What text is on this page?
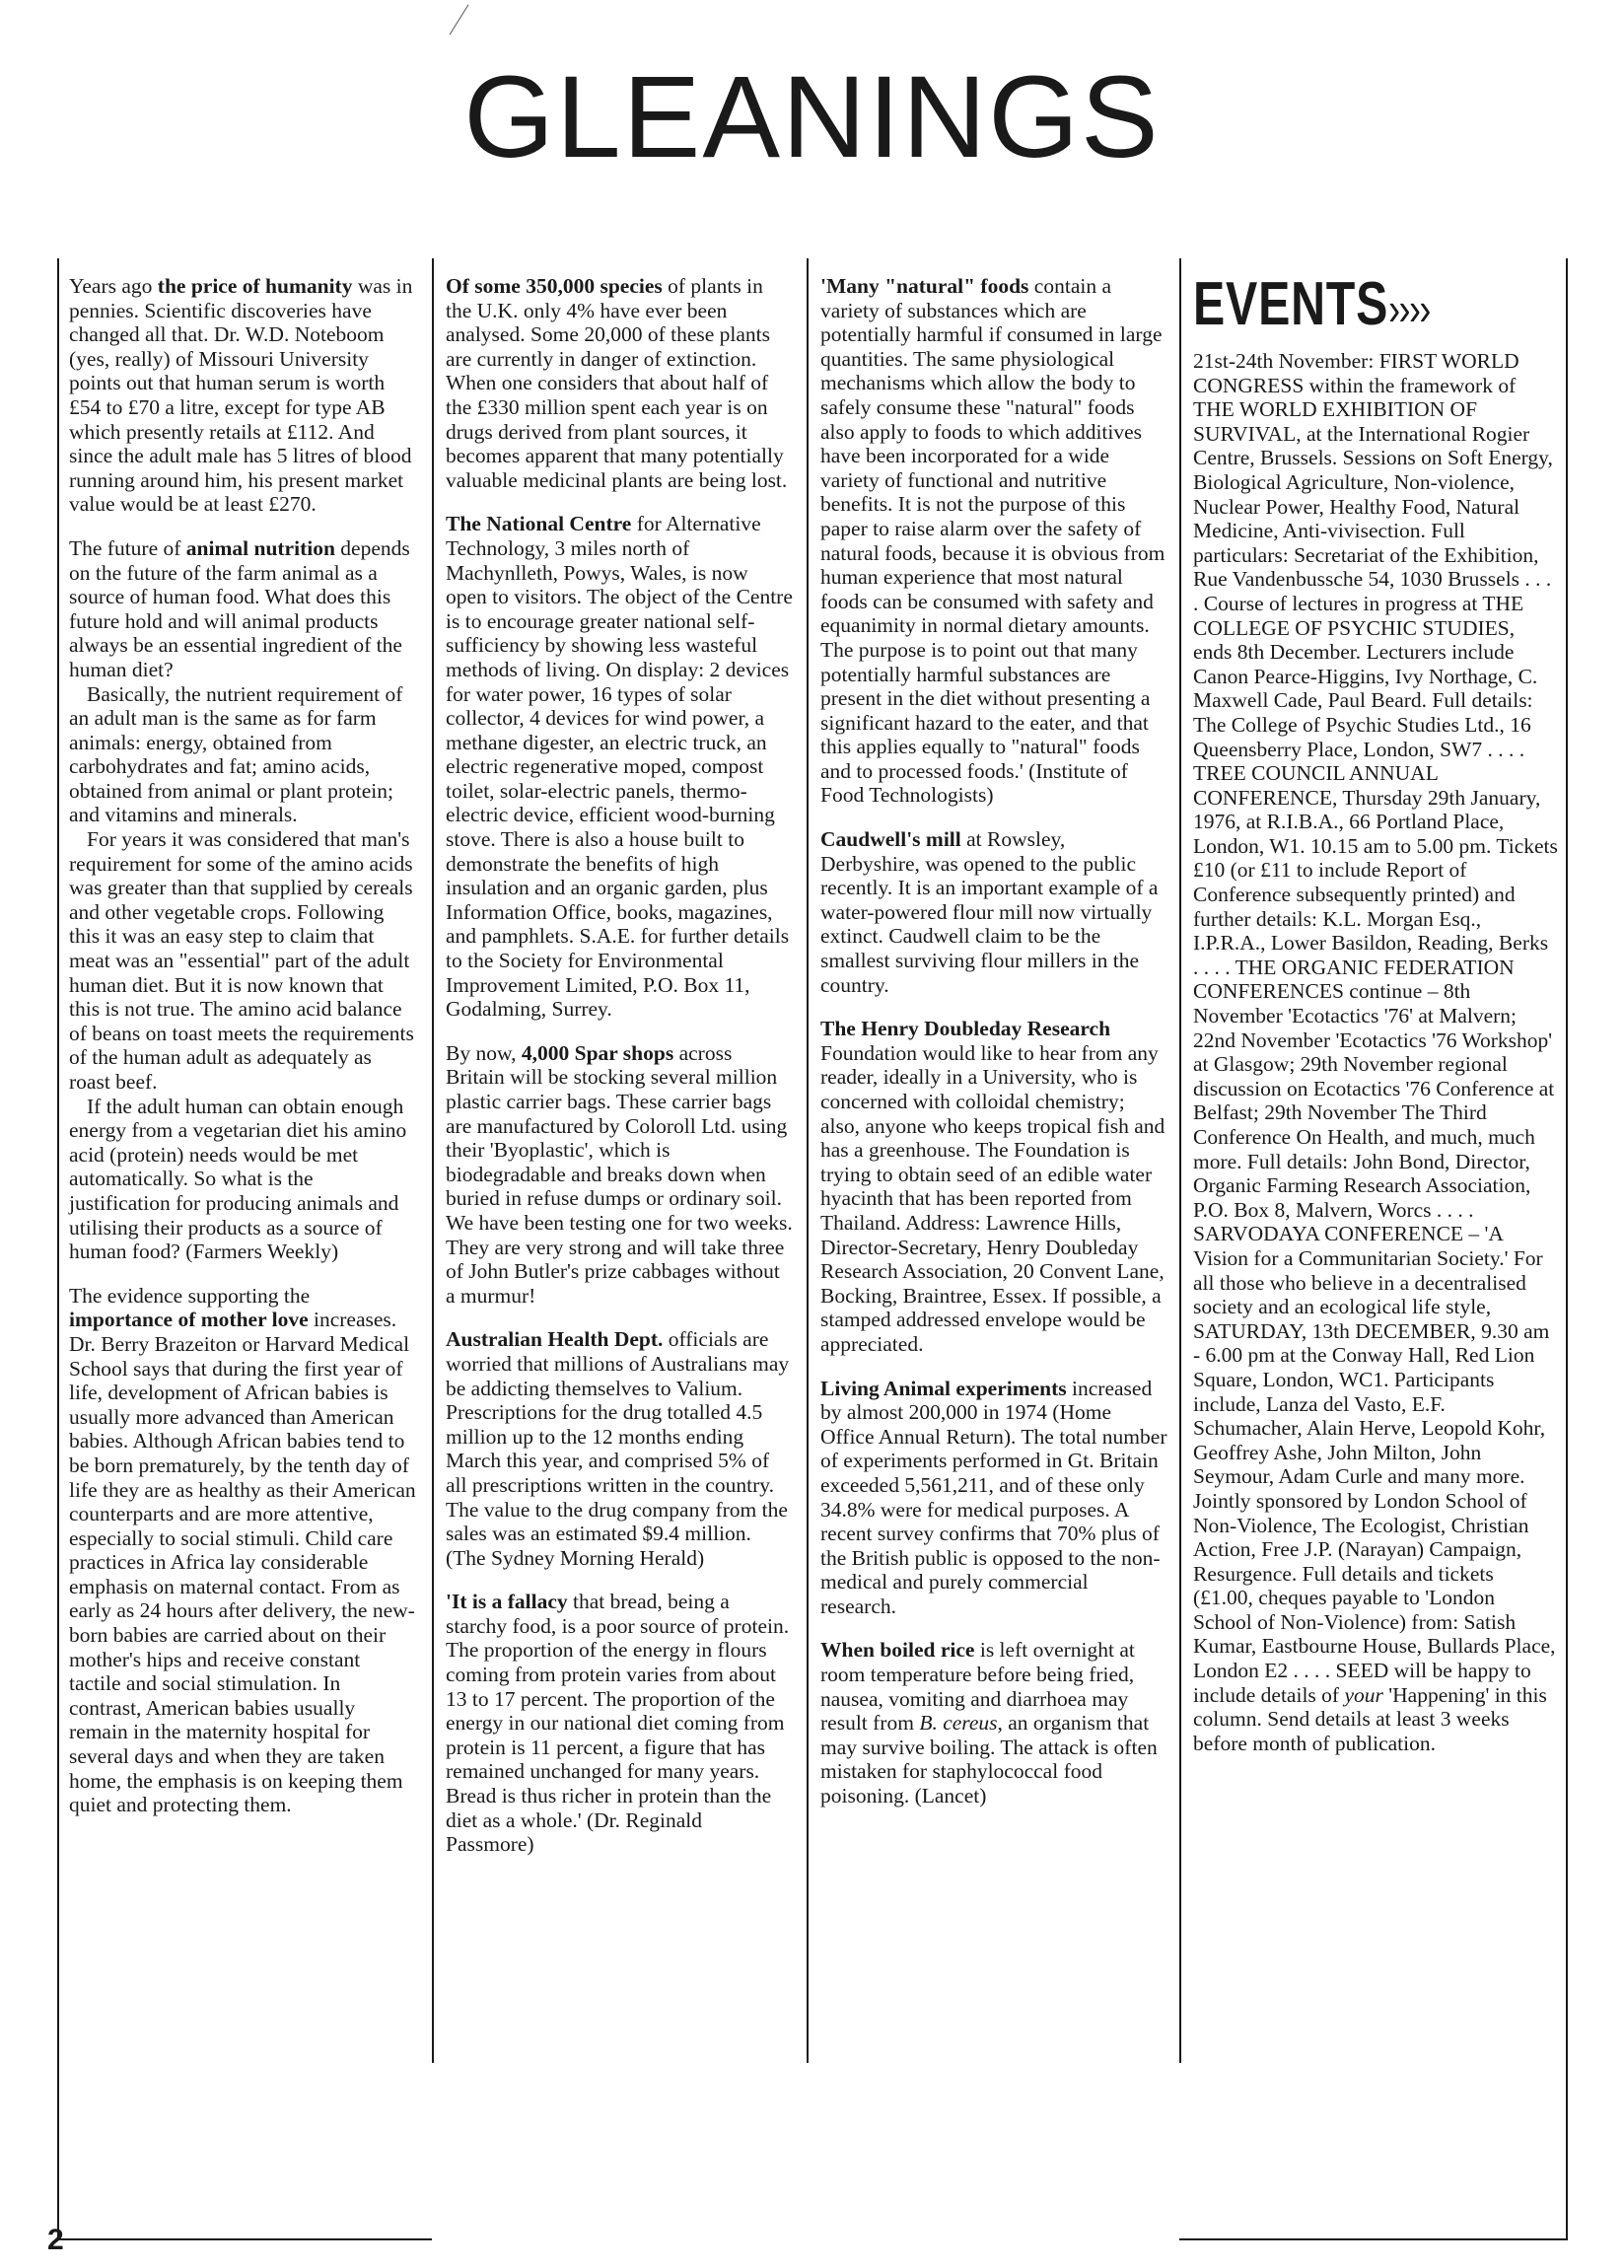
GLEANINGS

Years ago the price of humanity was in pennies. Scientific discoveries have changed all that. Dr. W.D. Noteboom (yes, really) of Missouri University points out that human serum is worth £54 to £70 a litre, except for type AB which presently retails at £112. And since the adult male has 5 litres of blood running around him, his present market value would be at least £270.

The future of animal nutrition depends on the future of the farm animal as a source of human food. What does this future hold and will animal products always be an essential ingredient of the human diet?

Basically, the nutrient requirement of an adult man is the same as for farm animals: energy, obtained from carbohydrates and fat; amino acids, obtained from animal or plant protein; and vitamins and minerals.

For years it was considered that man's requirement for some of the amino acids was greater than that supplied by cereals and other vegetable crops. Following this it was an easy step to claim that meat was an "essential" part of the adult human diet. But it is now known that this is not true. The amino acid balance of beans on toast meets the requirements of the human adult as adequately as roast beef.

If the adult human can obtain enough energy from a vegetarian diet his amino acid (protein) needs would be met automatically. So what is the justification for producing animals and utilising their products as a source of human food? (Farmers Weekly)

The evidence supporting the importance of mother love increases. Dr. Berry Brazeiton or Harvard Medical School says that during the first year of life, development of African babies is usually more advanced than American babies. Although African babies tend to be born prematurely, by the tenth day of life they are as healthy as their American counterparts and are more attentive, especially to social stimuli. Child care practices in Africa lay considerable emphasis on maternal contact. From as early as 24 hours after delivery, the new-born babies are carried about on their mother's hips and receive constant tactile and social stimulation. In contrast, American babies usually remain in the maternity hospital for several days and when they are taken home, the emphasis is on keeping them quiet and protecting them.

Of some 350,000 species of plants in the U.K. only 4% have ever been analysed. Some 20,000 of these plants are currently in danger of extinction. When one considers that about half of the £330 million spent each year is on drugs derived from plant sources, it becomes apparent that many potentially valuable medicinal plants are being lost.

The National Centre for Alternative Technology, 3 miles north of Machynlleth, Powys, Wales, is now open to visitors. The object of the Centre is to encourage greater national self-sufficiency by showing less wasteful methods of living. On display: 2 devices for water power, 16 types of solar collector, 4 devices for wind power, a methane digester, an electric truck, an electric regenerative moped, compost toilet, solar-electric panels, thermo-electric device, efficient wood-burning stove. There is also a house built to demonstrate the benefits of high insulation and an organic garden, plus Information Office, books, magazines, and pamphlets. S.A.E. for further details to the Society for Environmental Improvement Limited, P.O. Box 11, Godalming, Surrey.

By now, 4,000 Spar shops across Britain will be stocking several million plastic carrier bags. These carrier bags are manufactured by Coloroll Ltd. using their 'Byoplastic', which is biodegradable and breaks down when buried in refuse dumps or ordinary soil. We have been testing one for two weeks. They are very strong and will take three of John Butler's prize cabbages without a murmur!

Australian Health Dept. officials are worried that millions of Australians may be addicting themselves to Valium. Prescriptions for the drug totalled 4.5 million up to the 12 months ending March this year, and comprised 5% of all prescriptions written in the country. The value to the drug company from the sales was an estimated $9.4 million. (The Sydney Morning Herald)

'It is a fallacy that bread, being a starchy food, is a poor source of protein. The proportion of the energy in flours coming from protein varies from about 13 to 17 percent. The proportion of the energy in our national diet coming from protein is 11 percent, a figure that has remained unchanged for many years. Bread is thus richer in protein than the diet as a whole.' (Dr. Reginald Passmore)

'Many "natural" foods contain a variety of substances which are potentially harmful if consumed in large quantities. The same physiological mechanisms which allow the body to safely consume these "natural" foods also apply to foods to which additives have been incorporated for a wide variety of functional and nutritive benefits. It is not the purpose of this paper to raise alarm over the safety of natural foods, because it is obvious from human experience that most natural foods can be consumed with safety and equanimity in normal dietary amounts. The purpose is to point out that many potentially harmful substances are present in the diet without presenting a significant hazard to the eater, and that this applies equally to "natural" foods and to processed foods.' (Institute of Food Technologists)

Caudwell's mill at Rowsley, Derbyshire, was opened to the public recently. It is an important example of a water-powered flour mill now virtually extinct. Caudwell claim to be the smallest surviving flour millers in the country.

The Henry Doubleday Research Foundation would like to hear from any reader, ideally in a University, who is concerned with colloidal chemistry; also, anyone who keeps tropical fish and has a greenhouse. The Foundation is trying to obtain seed of an edible water hyacinth that has been reported from Thailand. Address: Lawrence Hills, Director-Secretary, Henry Doubleday Research Association, 20 Convent Lane, Bocking, Braintree, Essex. If possible, a stamped addressed envelope would be appreciated.

Living Animal experiments increased by almost 200,000 in 1974 (Home Office Annual Return). The total number of experiments performed in Gt. Britain exceeded 5,561,211, and of these only 34.8% were for medical purposes. A recent survey confirms that 70% plus of the British public is opposed to the non-medical and purely commercial research.

When boiled rice is left overnight at room temperature before being fried, nausea, vomiting and diarrhoea may result from B. cereus, an organism that may survive boiling. The attack is often mistaken for staphylococcal food poisoning. (Lancet)

EVENTS››››

21st-24th November: FIRST WORLD CONGRESS within the framework of THE WORLD EXHIBITION OF SURVIVAL, at the International Rogier Centre, Brussels. Sessions on Soft Energy, Biological Agriculture, Non-violence, Nuclear Power, Healthy Food, Natural Medicine, Anti-vivisection. Full particulars: Secretariat of the Exhibition, Rue Vandenbussche 54, 1030 Brussels . . . . Course of lectures in progress at THE COLLEGE OF PSYCHIC STUDIES, ends 8th December. Lecturers include Canon Pearce-Higgins, Ivy Northage, C. Maxwell Cade, Paul Beard. Full details: The College of Psychic Studies Ltd., 16 Queensberry Place, London, SW7 . . . . TREE COUNCIL ANNUAL CONFERENCE, Thursday 29th January, 1976, at R.I.B.A., 66 Portland Place, London, W1. 10.15 am to 5.00 pm. Tickets £10 (or £11 to include Report of Conference subsequently printed) and further details: K.L. Morgan Esq., I.P.R.A., Lower Basildon, Reading, Berks . . . . THE ORGANIC FEDERATION CONFERENCES continue – 8th November 'Ecotactics '76' at Malvern; 22nd November 'Ecotactics '76 Workshop' at Glasgow; 29th November regional discussion on Ecotactics '76 Conference at Belfast; 29th November The Third Conference On Health, and much, much more. Full details: John Bond, Director, Organic Farming Research Association, P.O. Box 8, Malvern, Worcs . . . . SARVODAYA CONFERENCE – 'A Vision for a Communitarian Society.' For all those who believe in a decentralised society and an ecological life style, SATURDAY, 13th DECEMBER, 9.30 am - 6.00 pm at the Conway Hall, Red Lion Square, London, WC1. Participants include, Lanza del Vasto, E.F. Schumacher, Alain Herve, Leopold Kohr, Geoffrey Ashe, John Milton, John Seymour, Adam Curle and many more. Jointly sponsored by London School of Non-Violence, The Ecologist, Christian Action, Free J.P. (Narayan) Campaign, Resurgence. Full details and tickets (£1.00, cheques payable to 'London School of Non-Violence) from: Satish Kumar, Eastbourne House, Bullards Place, London E2 . . . . SEED will be happy to include details of your 'Happening' in this column. Send details at least 3 weeks before month of publication.

2
